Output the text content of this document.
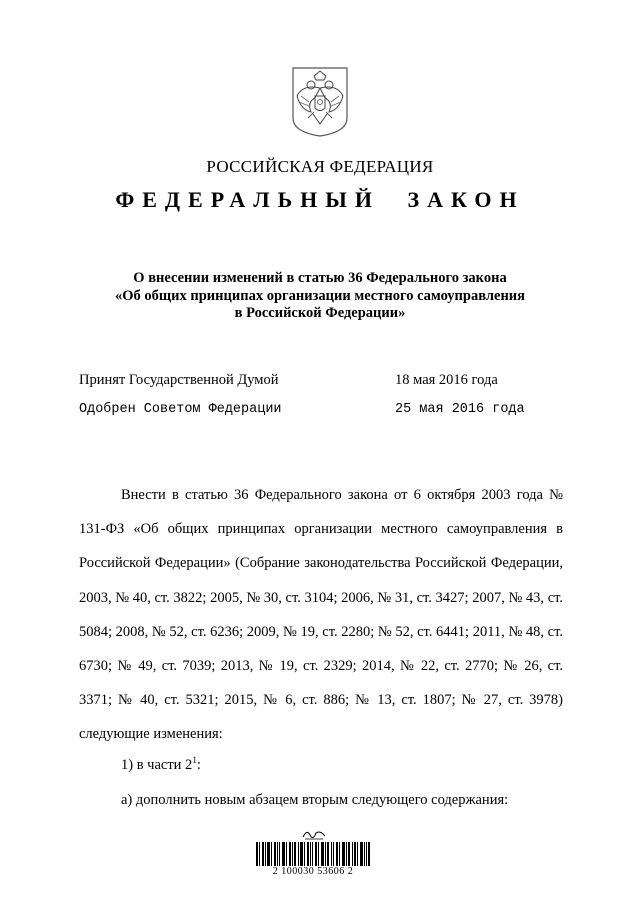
РОССИЙСКАЯ ФЕДЕРАЦИЯ
ФЕДЕРАЛЬНЫЙ ЗАКОН
О внесении изменений в статью 36 Федерального закона
«Об общих принципах организации местного самоуправления
в Российской Федерации»
Принят Государственной Думой	18 мая 2016 года
Одобрен Советом Федерации	25 мая 2016 года

Внести в статью 36 Федерального закона от 6 октября 2003 года № 131-ФЗ «Об общих принципах организации местного самоуправления в Российской Федерации» (Собрание законодательства Российской Федерации, 2003, № 40, ст. 3822; 2005, № 30, ст. 3104; 2006, № 31, ст. 3427; 2007, № 43, ст. 5084; 2008, № 52, ст. 6236; 2009, № 19, ст. 2280; № 52, ст. 6441; 2011, № 48, ст. 6730; № 49, ст. 7039; 2013, № 19, ст. 2329; 2014, № 22, ст. 2770; № 26, ст. 3371; № 40, ст. 5321; 2015, № 6, ст. 886; № 13, ст. 1807; № 27, ст. 3978) следующие изменения:

1) в части $2^1$:
а) дополнить новым абзацем вторым следующего содержания:
2 100030 53606 2
